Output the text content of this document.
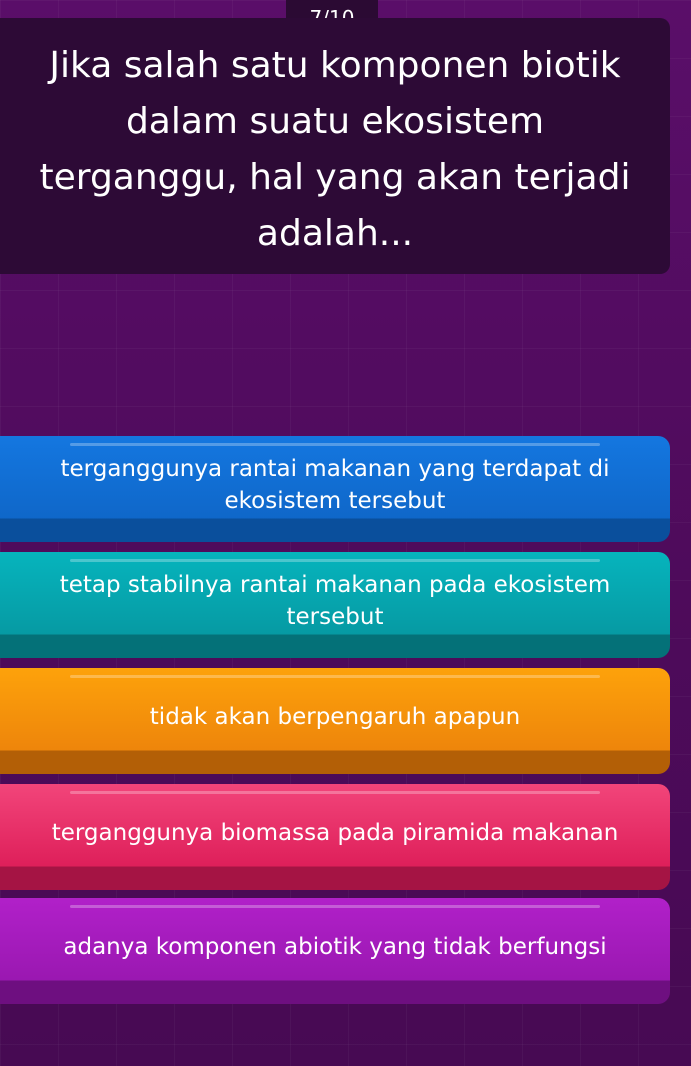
Jika salah satu komponen biotik dalam suatu ekosistem terganggu, hal yang akan terjadi adalah...
terganggunya rantai makanan yang terdapat di ekosistem tersebut
tetap stabilnya rantai makanan pada ekosistem tersebut
tidak akan berpengaruh apapun
terganggunya biomassa pada piramida makanan
adanya komponen abiotik yang tidak berfungsi
